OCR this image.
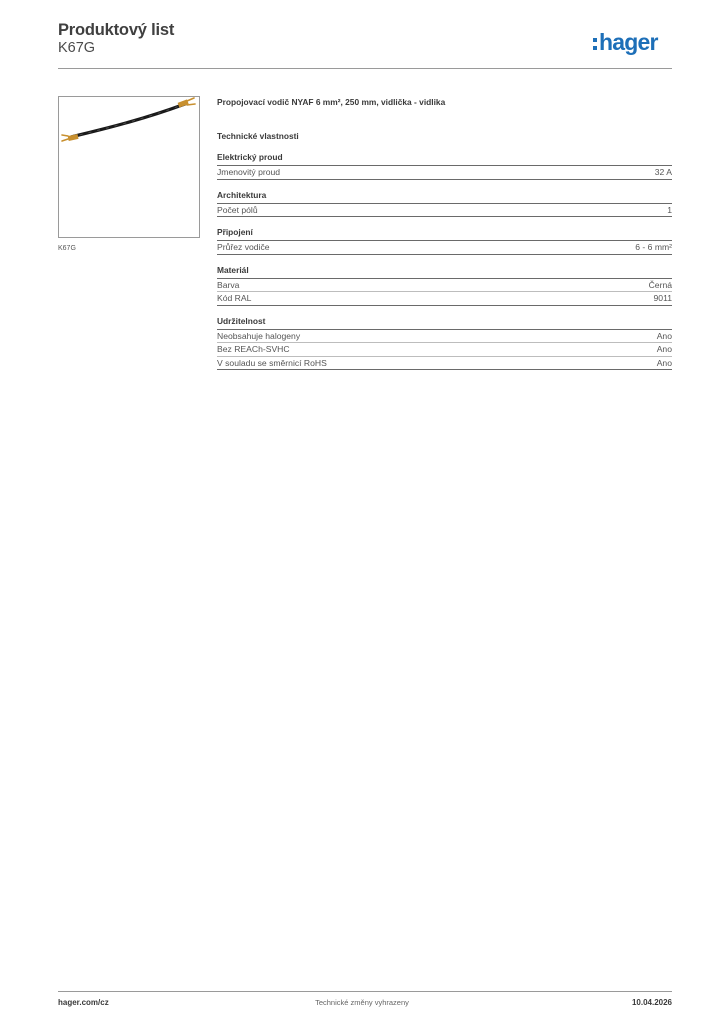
Produktový list
K67G	hager
K67G
Propojovací vodič NYAF 6 mm², 250 mm, vidlička - vidlika
Technické vlastnosti
Elektrický proud
Jmenovitý proud	32 A
Architektura
Počet pólů	1
Připojení
Průřez vodiče	6 - 6 mm²
Materiál
Barva	Černá
Kód RAL	9011
Udržitelnost
Neobsahuje halogeny	Ano
Bez REACh-SVHC	Ano
V souladu se směrnicí RoHS	Ano
hager.com/cz	Technické změny vyhrazeny	10.04.2026
